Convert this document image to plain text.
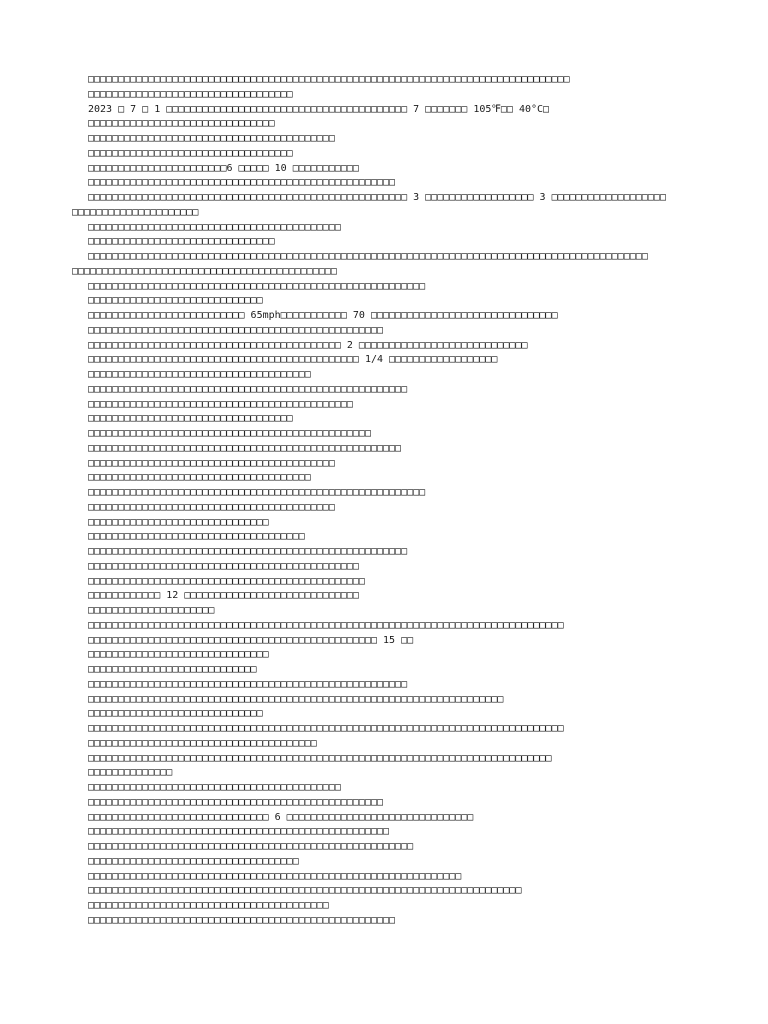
□□□□□□□□□□□□□□□□□□□□□□□□□□□□□□□□□□□□□□□□□□□□□□□□□□□□□□□□□□□□□□□□□□□□□□□□□□□□□□□□
□□□□□□□□□□□□□□□□□□□□□□□□□□□□□□□□□□
2023 □ 7 □ 1 □□□□□□□□□□□□□□□□□□□□□□□□□□□□□□□□□□□□□□□□ 7 □□□□□□□ 105℉□□ 40°C□
□□□□□□□□□□□□□□□□□□□□□□□□□□□□□□□
□□□□□□□□□□□□□□□□□□□□□□□□□□□□□□□□□□□□□□□□□
□□□□□□□□□□□□□□□□□□□□□□□□□□□□□□□□□□
□□□□□□□□□□□□□□□□□□□□□□□6 □□□□□ 10 □□□□□□□□□□□
□□□□□□□□□□□□□□□□□□□□□□□□□□□□□□□□□□□□□□□□□□□□□□□□□□□
□□□□□□□□□□□□□□□□□□□□□□□□□□□□□□□□□□□□□□□□□□□□□□□□□□□□□ 3 □□□□□□□□□□□□□□□□□□ 3 □□□□□□□□□□□□□□□□□□□
□□□□□□□□□□□□□□□□□□□□□
□□□□□□□□□□□□□□□□□□□□□□□□□□□□□□□□□□□□□□□□□□
□□□□□□□□□□□□□□□□□□□□□□□□□□□□□□□
□□□□□□□□□□□□□□□□□□□□□□□□□□□□□□□□□□□□□□□□□□□□□□□□□□□□□□□□□□□□□□□□□□□□□□□□□□□□□□□□□□□□□□□□□□□□□
□□□□□□□□□□□□□□□□□□□□□□□□□□□□□□□□□□□□□□□□□□□□
□□□□□□□□□□□□□□□□□□□□□□□□□□□□□□□□□□□□□□□□□□□□□□□□□□□□□□□□
□□□□□□□□□□□□□□□□□□□□□□□□□□□□□
□□□□□□□□□□□□□□□□□□□□□□□□□□ 65mph□□□□□□□□□□□ 70 □□□□□□□□□□□□□□□□□□□□□□□□□□□□□□□
□□□□□□□□□□□□□□□□□□□□□□□□□□□□□□□□□□□□□□□□□□□□□□□□□
□□□□□□□□□□□□□□□□□□□□□□□□□□□□□□□□□□□□□□□□□□ 2 □□□□□□□□□□□□□□□□□□□□□□□□□□□□
□□□□□□□□□□□□□□□□□□□□□□□□□□□□□□□□□□□□□□□□□□□□□ 1/4 □□□□□□□□□□□□□□□□□□
□□□□□□□□□□□□□□□□□□□□□□□□□□□□□□□□□□□□□
□□□□□□□□□□□□□□□□□□□□□□□□□□□□□□□□□□□□□□□□□□□□□□□□□□□□□
□□□□□□□□□□□□□□□□□□□□□□□□□□□□□□□□□□□□□□□□□□□□
□□□□□□□□□□□□□□□□□□□□□□□□□□□□□□□□□□
□□□□□□□□□□□□□□□□□□□□□□□□□□□□□□□□□□□□□□□□□□□□□□□
□□□□□□□□□□□□□□□□□□□□□□□□□□□□□□□□□□□□□□□□□□□□□□□□□□□□
□□□□□□□□□□□□□□□□□□□□□□□□□□□□□□□□□□□□□□□□□
□□□□□□□□□□□□□□□□□□□□□□□□□□□□□□□□□□□□□
□□□□□□□□□□□□□□□□□□□□□□□□□□□□□□□□□□□□□□□□□□□□□□□□□□□□□□□□
□□□□□□□□□□□□□□□□□□□□□□□□□□□□□□□□□□□□□□□□□
□□□□□□□□□□□□□□□□□□□□□□□□□□□□□□
□□□□□□□□□□□□□□□□□□□□□□□□□□□□□□□□□□□□
□□□□□□□□□□□□□□□□□□□□□□□□□□□□□□□□□□□□□□□□□□□□□□□□□□□□□
□□□□□□□□□□□□□□□□□□□□□□□□□□□□□□□□□□□□□□□□□□□□□
□□□□□□□□□□□□□□□□□□□□□□□□□□□□□□□□□□□□□□□□□□□□□□
□□□□□□□□□□□□ 12 □□□□□□□□□□□□□□□□□□□□□□□□□□□□□
□□□□□□□□□□□□□□□□□□□□□
□□□□□□□□□□□□□□□□□□□□□□□□□□□□□□□□□□□□□□□□□□□□□□□□□□□□□□□□□□□□□□□□□□□□□□□□□□□□□□□
□□□□□□□□□□□□□□□□□□□□□□□□□□□□□□□□□□□□□□□□□□□□□□□□ 15 □□
□□□□□□□□□□□□□□□□□□□□□□□□□□□□□□
□□□□□□□□□□□□□□□□□□□□□□□□□□□□
□□□□□□□□□□□□□□□□□□□□□□□□□□□□□□□□□□□□□□□□□□□□□□□□□□□□□
□□□□□□□□□□□□□□□□□□□□□□□□□□□□□□□□□□□□□□□□□□□□□□□□□□□□□□□□□□□□□□□□□□□□□
□□□□□□□□□□□□□□□□□□□□□□□□□□□□□
□□□□□□□□□□□□□□□□□□□□□□□□□□□□□□□□□□□□□□□□□□□□□□□□□□□□□□□□□□□□□□□□□□□□□□□□□□□□□□□
□□□□□□□□□□□□□□□□□□□□□□□□□□□□□□□□□□□□□□
□□□□□□□□□□□□□□□□□□□□□□□□□□□□□□□□□□□□□□□□□□□□□□□□□□□□□□□□□□□□□□□□□□□□□□□□□□□□□
□□□□□□□□□□□□□□
□□□□□□□□□□□□□□□□□□□□□□□□□□□□□□□□□□□□□□□□□□
□□□□□□□□□□□□□□□□□□□□□□□□□□□□□□□□□□□□□□□□□□□□□□□□□
□□□□□□□□□□□□□□□□□□□□□□□□□□□□□□ 6 □□□□□□□□□□□□□□□□□□□□□□□□□□□□□□□
□□□□□□□□□□□□□□□□□□□□□□□□□□□□□□□□□□□□□□□□□□□□□□□□□□
□□□□□□□□□□□□□□□□□□□□□□□□□□□□□□□□□□□□□□□□□□□□□□□□□□□□□□
□□□□□□□□□□□□□□□□□□□□□□□□□□□□□□□□□□□
□□□□□□□□□□□□□□□□□□□□□□□□□□□□□□□□□□□□□□□□□□□□□□□□□□□□□□□□□□□□□□
□□□□□□□□□□□□□□□□□□□□□□□□□□□□□□□□□□□□□□□□□□□□□□□□□□□□□□□□□□□□□□□□□□□□□□□□
□□□□□□□□□□□□□□□□□□□□□□□□□□□□□□□□□□□□□□□□
□□□□□□□□□□□□□□□□□□□□□□□□□□□□□□□□□□□□□□□□□□□□□□□□□□□
